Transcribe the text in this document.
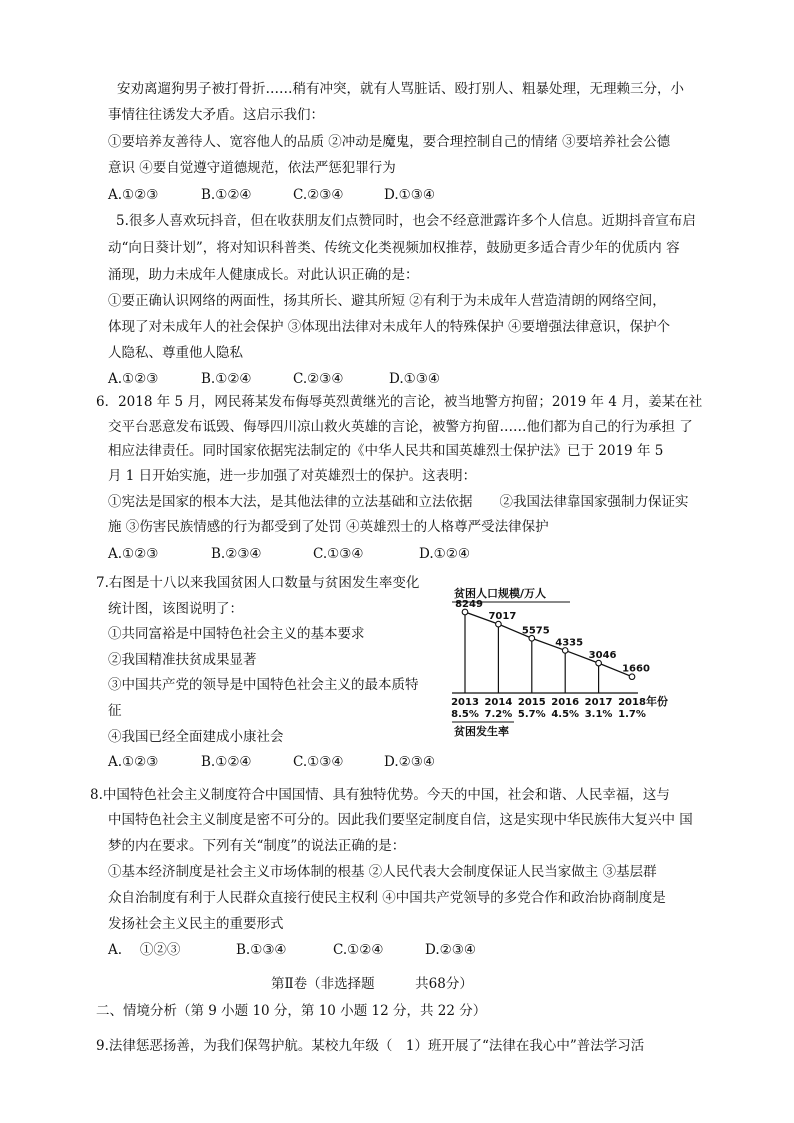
安劝离遛狗男子被打骨折……稍有冲突，就有人骂脏话、殴打别人、粗暴处理，无理赖三分，小
事情往往诱发大矛盾。这启示我们：
①要培养友善待人、宽容他人的品质 ②冲动是魔鬼，要合理控制自己的情绪 ③要培养社会公德
意识 ④要自觉遵守道德规范，依法严惩犯罪行为
A.①②③	B.①②④	C.②③④	D.①③④
5.很多人喜欢玩抖音，但在收获朋友们点赞同时，也会不经意泄露许多个人信息。近期抖音宣布启
动“向日葵计划”，将对知识科普类、传统文化类视频加权推荐，鼓励更多适合青少年的优质内 容
涌现，助力未成年人健康成长。对此认识正确的是：
①要正确认识网络的两面性，扬其所长、避其所短 ②有利于为未成年人营造清朗的网络空间，
体现了对未成年人的社会保护 ③体现出法律对未成年人的特殊保护 ④要增强法律意识，保护个
人隐私、尊重他人隐私
A.①②③	B.①②④	C.②③④	D.①③④
6．2018 年 5 月，网民蒋某发布侮辱英烈黄继光的言论，被当地警方拘留；2019 年 4 月，姜某在社
交平台恶意发布诋毁、侮辱四川凉山救火英雄的言论，被警方拘留……他们都为自己的行为承担 了
相应法律责任。同时国家依据宪法制定的《中华人民共和国英雄烈士保护法》已于 2019 年 5
月 1 日开始实施，进一步加强了对英雄烈士的保护。这表明：
①宪法是国家的根本大法，是其他法律的立法基础和立法依据　　②我国法律靠国家强制力保证实
施 ③伤害民族情感的行为都受到了处罚 ④英雄烈士的人格尊严受法律保护
A.①②③	B.②③④	C.①③④	D.①②④
7.右图是十八以来我国贫困人口数量与贫困发生率变化
统计图，该图说明了：
①共同富裕是中国特色社会主义的基本要求
②我国精准扶贫成果显著
③中国共产党的领导是中国特色社会主义的最本质特
征
④我国已经全面建成小康社会
A.①②③	B.①②④	C.①③④	D.②③④
贫困人口规模/万人
年份
贫困发生率
8249
7017
5575
4335
3046
1660
2013 2014 2015 2016 2017 2018
8.5% 7.2% 5.7% 4.5% 3.1% 1.7%
8.中国特色社会主义制度符合中国国情、具有独特优势。今天的中国，社会和谐、人民幸福，这与
中国特色社会主义制度是密不可分的。因此我们要坚定制度自信，这是实现中华民族伟大复兴中 国
梦的内在要求。下列有关“制度”的说法正确的是：
①基本经济制度是社会主义市场体制的根基 ②人民代表大会制度保证人民当家做主 ③基层群
众自治制度有利于人民群众直接行使民主权利 ④中国共产党领导的多党合作和政治协商制度是
发扬社会主义民主的重要形式
A.　 ①②③	B.①③④	C.①②④	D.②③④
第Ⅱ卷（非选择题　　　共68分）
二、情境分析（第 9 小题 10 分，第 10 小题 12 分，共 22 分）
9.法律惩恶扬善，为我们保驾护航。某校九年级（　1）班开展了“法律在我心中”普法学习活
